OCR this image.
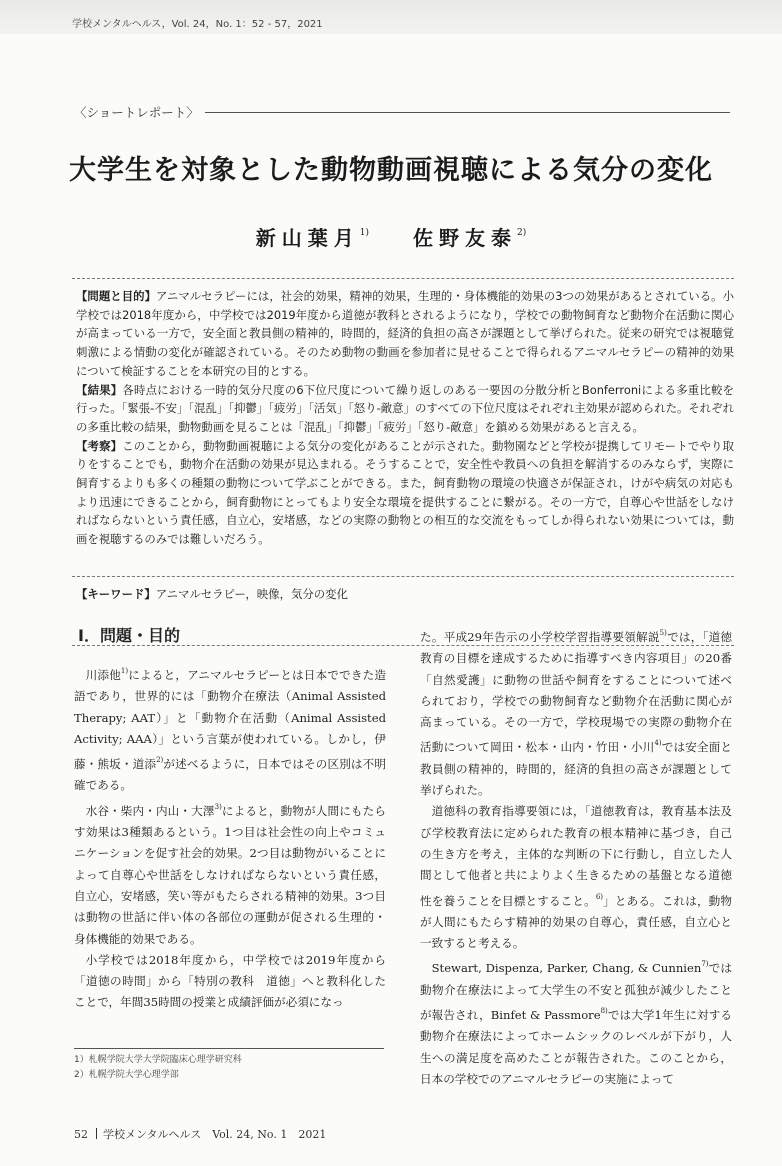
学校メンタルヘルス，Vol. 24，No. 1：52 - 57，2021
〈ショートレポート〉
大学生を対象とした動物動画視聴による気分の変化
新山葉月$^{1)}$ 佐野友泰$^{2)}$

【問題と目的】アニマルセラピーには，社会的効果，精神的効果，生理的・身体機能的効果の3つの効果があるとされている。小学校では2018年度から，中学校では2019年度から道徳が教科とされるようになり，学校での動物飼育など動物介在活動に関心が高まっている一方で，安全面と教員側の精神的，時間的，経済的負担の高さが課題として挙げられた。従来の研究では視聴覚刺激による情動の変化が確認されている。そのため動物の動画を参加者に見せることで得られるアニマルセラピーの精神的効果について検証することを本研究の目的とする。

【結果】各時点における一時的気分尺度の6下位尺度について繰り返しのある一要因の分散分析とBonferroniによる多重比較を行った。「緊張-不安」「混乱」「抑鬱」「疲労」「活気」「怒り-敵意」のすべての下位尺度はそれぞれ主効果が認められた。それぞれの多重比較の結果，動物動画を見ることは「混乱」「抑鬱」「疲労」「怒り-敵意」を鎮める効果があると言える。

【考察】このことから，動物動画視聴による気分の変化があることが示された。動物園などと学校が提携してリモートでやり取りをすることでも，動物介在活動の効果が見込まれる。そうすることで，安全性や教員への負担を解消するのみならず，実際に飼育するよりも多くの種類の動物について学ぶことができる。また，飼育動物の環境の快適さが保証され，けがや病気の対応もより迅速にできることから，飼育動物にとってもより安全な環境を提供することに繋がる。その一方で，自尊心や世話をしなければならないという責任感，自立心，安堵感，などの実際の動物との相互的な交流をもってしか得られない効果については，動画を視聴するのみでは難しいだろう。

【キーワード】アニマルセラピー，映像，気分の変化
Ⅰ．問題・目的

川添他$^{1)}$によると，アニマルセラピーとは日本でできた造語であり，世界的には「動物介在療法（Animal Assisted Therapy; AAT）」と「動物介在活動（Animal Assisted Activity; AAA）」という言葉が使われている。しかし，伊藤・熊坂・道添$^{2)}$が述べるように，日本ではその区別は不明確である。

水谷・柴内・内山・大澤$^{3)}$によると，動物が人間にもたらす効果は3種類あるという。1つ目は社会性の向上やコミュニケーションを促す社会的効果。2つ目は動物がいることによって自尊心や世話をしなければならないという責任感，自立心，安堵感，笑い等がもたらされる精神的効果。3つ目は動物の世話に伴い体の各部位の運動が促される生理的・身体機能的効果である。

小学校では2018年度から，中学校では2019年度から「道徳の時間」から「特別の教科　道徳」へと教科化したことで，年間35時間の授業と成績評価が必須になっ

た。平成29年告示の小学校学習指導要領解説$^{5)}$では，「道徳教育の目標を達成するために指導すべき内容項目」の20番「自然愛護」に動物の世話や飼育をすることについて述べられており，学校での動物飼育など動物介在活動に関心が高まっている。その一方で，学校現場での実際の動物介在活動について岡田・松本・山内・竹田・小川$^{4)}$では安全面と教員側の精神的，時間的，経済的負担の高さが課題として挙げられた。

道徳科の教育指導要領には，「道徳教育は，教育基本法及び学校教育法に定められた教育の根本精神に基づき，自己の生き方を考え，主体的な判断の下に行動し，自立した人間として他者と共によりよく生きるための基盤となる道徳性を養うことを目標とすること。$^{6)}$」とある。これは，動物が人間にもたらす精神的効果の自尊心，責任感，自立心と一致すると考える。

Stewart, Dispenza, Parker, Chang, & Cunnien$^{7)}$では動物介在療法によって大学生の不安と孤独が減少したことが報告され，Binfet & Passmore$^{8)}$では大学1年生に対する動物介在療法によってホームシックのレベルが下がり，人生への満足度を高めたことが報告された。このことから，日本の学校でのアニマルセラピーの実施によって

1）札幌学院大学大学院臨床心理学研究科
2）札幌学院大学心理学部
52 学校メンタルヘルス　Vol. 24, No. 1　2021
